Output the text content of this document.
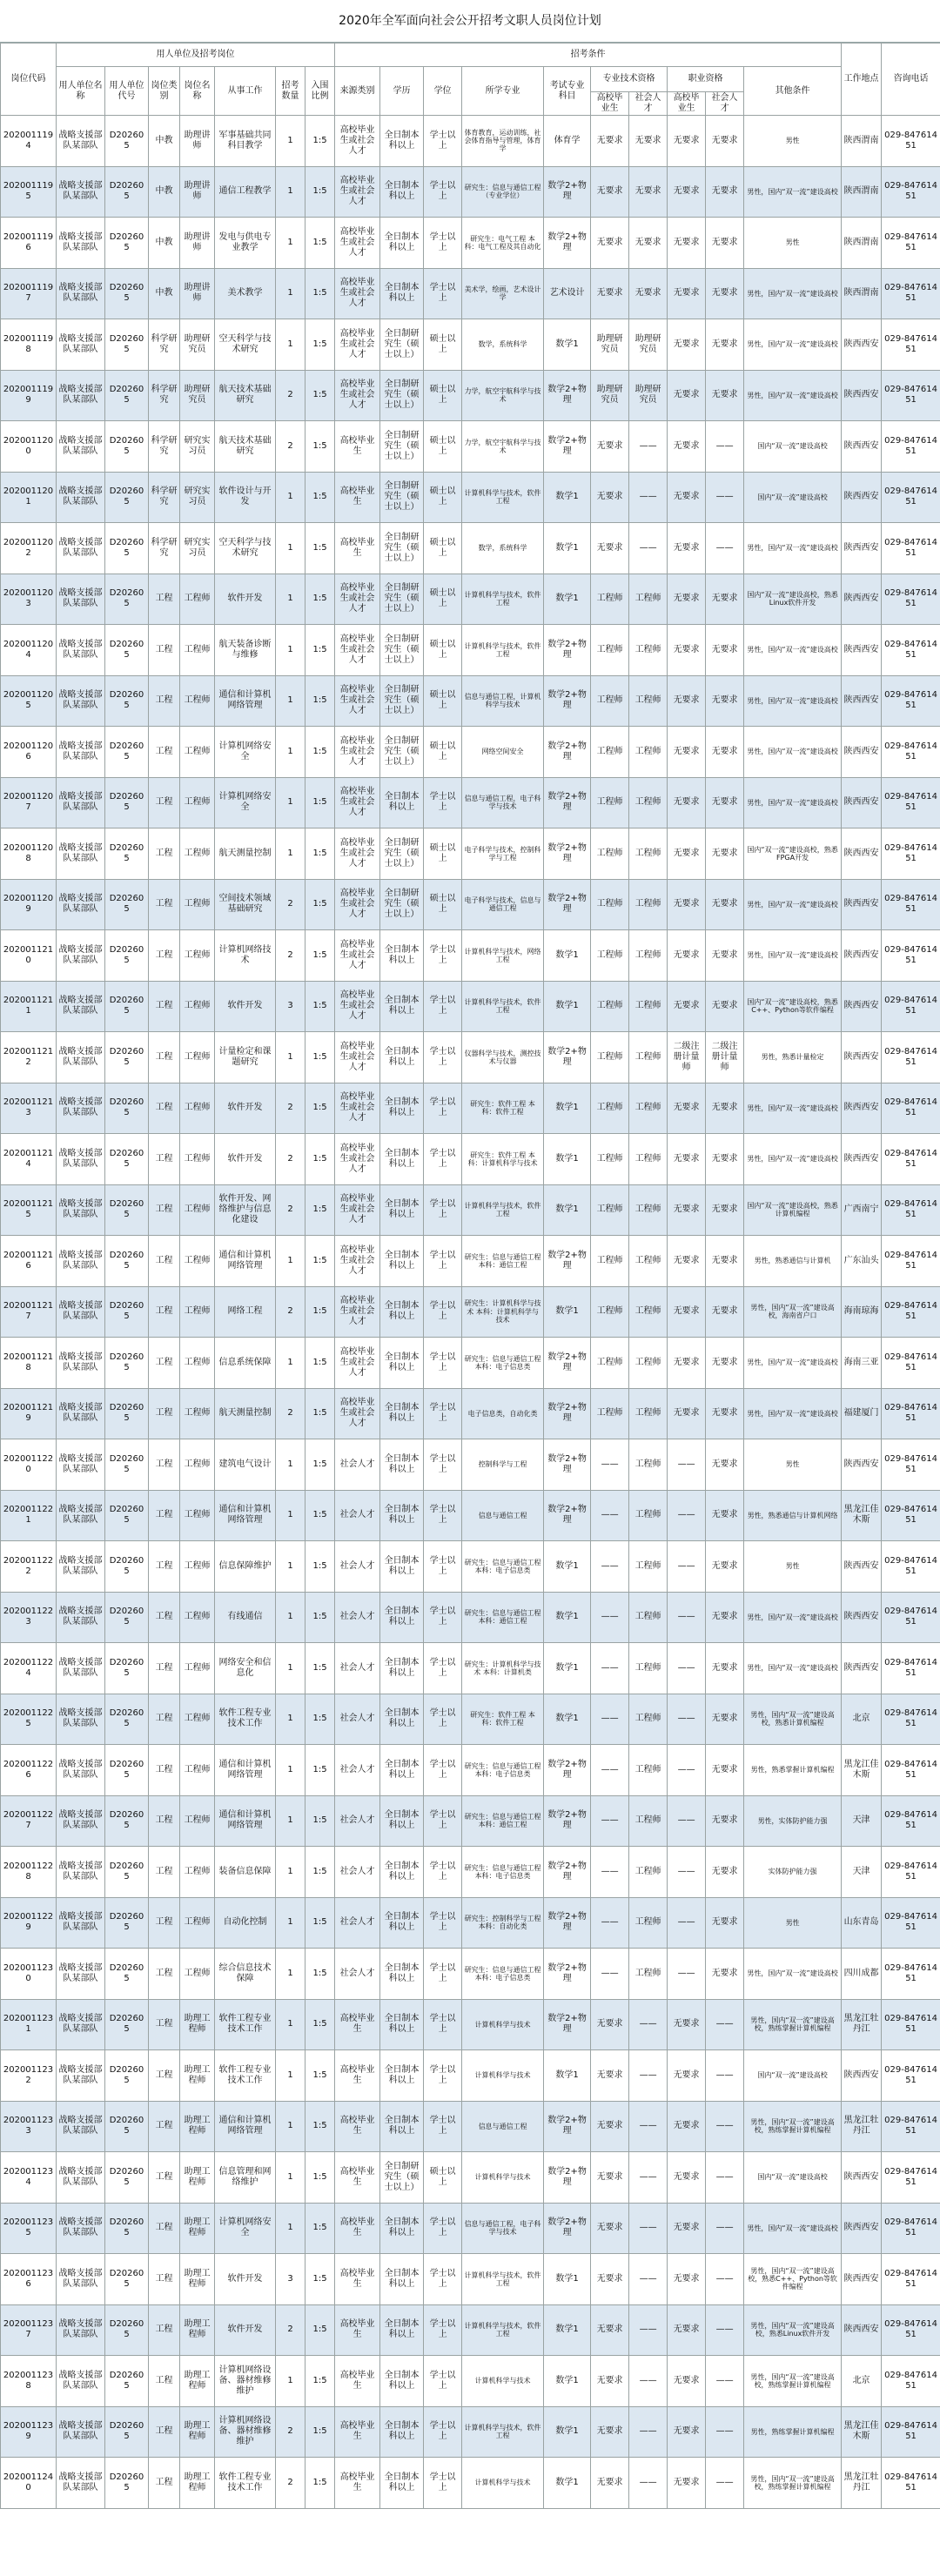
2020年全军面向社会公开招考文职人员岗位计划
岗位代码	用人单位及招考岗位							招考条件										工作地点	咨询电话
	用人单位名称	用人单位代号	岗位类别	岗位名称	从事工作	招考数量	入围比例	来源类别	学历	学位	所学专业	考试专业科目	专业技术资格		职业资格		其他条件		
													高校毕业生	社会人才	高校毕业生	社会人才			
2020011194	战略支援部队某部队	D202605	中教	助理讲师	军事基础共同科目教学	1	1:5	高校毕业生或社会人才	全日制本科以上	学士以上	体育教育，运动训练，社会体育指导与管理，体育学	体育学	无要求	无要求	无要求	无要求	男性	陕西渭南	029-84761451
2020011195	战略支援部队某部队	D202605	中教	助理讲师	通信工程教学	1	1:5	高校毕业生或社会人才	全日制本科以上	学士以上	研究生：信息与通信工程（专业学位）	数学2+物理	无要求	无要求	无要求	无要求	男性，国内“双一流”建设高校	陕西渭南	029-84761451
2020011196	战略支援部队某部队	D202605	中教	助理讲师	发电与供电专业教学	1	1:5	高校毕业生或社会人才	全日制本科以上	学士以上	研究生：电气工程 本科：电气工程及其自动化	数学2+物理	无要求	无要求	无要求	无要求	男性	陕西渭南	029-84761451
2020011197	战略支援部队某部队	D202605	中教	助理讲师	美术教学	1	1:5	高校毕业生或社会人才	全日制本科以上	学士以上	美术学，绘画，艺术设计学	艺术设计	无要求	无要求	无要求	无要求	男性，国内“双一流”建设高校	陕西渭南	029-84761451
2020011198	战略支援部队某部队	D202605	科学研究	助理研究员	空天科学与技术研究	1	1:5	高校毕业生或社会人才	全日制研究生（硕士以上）	硕士以上	数学，系统科学	数学1	助理研究员	助理研究员	无要求	无要求	男性，国内“双一流”建设高校	陕西西安	029-84761451
2020011199	战略支援部队某部队	D202605	科学研究	助理研究员	航天技术基础研究	2	1:5	高校毕业生或社会人才	全日制研究生（硕士以上）	硕士以上	力学，航空宇航科学与技术	数学2+物理	助理研究员	助理研究员	无要求	无要求	男性，国内“双一流”建设高校	陕西西安	029-84761451
2020011200	战略支援部队某部队	D202605	科学研究	研究实习员	航天技术基础研究	2	1:5	高校毕业生	全日制研究生（硕士以上）	硕士以上	力学，航空宇航科学与技术	数学2+物理	无要求	——	无要求	——	国内“双一流”建设高校	陕西西安	029-84761451
2020011201	战略支援部队某部队	D202605	科学研究	研究实习员	软件设计与开发	1	1:5	高校毕业生	全日制研究生（硕士以上）	硕士以上	计算机科学与技术，软件工程	数学1	无要求	——	无要求	——	国内“双一流”建设高校	陕西西安	029-84761451
2020011202	战略支援部队某部队	D202605	科学研究	研究实习员	空天科学与技术研究	1	1:5	高校毕业生	全日制研究生（硕士以上）	硕士以上	数学，系统科学	数学1	无要求	——	无要求	——	男性，国内“双一流”建设高校	陕西西安	029-84761451
2020011203	战略支援部队某部队	D202605	工程	工程师	软件开发	1	1:5	高校毕业生或社会人才	全日制研究生（硕士以上）	硕士以上	计算机科学与技术，软件工程	数学1	工程师	工程师	无要求	无要求	国内“双一流”建设高校，熟悉Linux软件开发	陕西西安	029-84761451
2020011204	战略支援部队某部队	D202605	工程	工程师	航天装备诊断与维修	1	1:5	高校毕业生或社会人才	全日制研究生（硕士以上）	硕士以上	计算机科学与技术，软件工程	数学2+物理	工程师	工程师	无要求	无要求	男性，国内“双一流”建设高校	陕西西安	029-84761451
2020011205	战略支援部队某部队	D202605	工程	工程师	通信和计算机网络管理	1	1:5	高校毕业生或社会人才	全日制研究生（硕士以上）	硕士以上	信息与通信工程，计算机科学与技术	数学2+物理	工程师	工程师	无要求	无要求	男性，国内“双一流”建设高校	陕西西安	029-84761451
2020011206	战略支援部队某部队	D202605	工程	工程师	计算机网络安全	1	1:5	高校毕业生或社会人才	全日制研究生（硕士以上）	硕士以上	网络空间安全	数学2+物理	工程师	工程师	无要求	无要求	男性，国内“双一流”建设高校	陕西西安	029-84761451
2020011207	战略支援部队某部队	D202605	工程	工程师	计算机网络安全	1	1:5	高校毕业生或社会人才	全日制本科以上	学士以上	信息与通信工程，电子科学与技术	数学2+物理	工程师	工程师	无要求	无要求	男性，国内“双一流”建设高校	陕西西安	029-84761451
2020011208	战略支援部队某部队	D202605	工程	工程师	航天测量控制	1	1:5	高校毕业生或社会人才	全日制研究生（硕士以上）	硕士以上	电子科学与技术，控制科学与工程	数学2+物理	工程师	工程师	无要求	无要求	国内“双一流”建设高校，熟悉FPGA开发	陕西西安	029-84761451
2020011209	战略支援部队某部队	D202605	工程	工程师	空间技术领域基础研究	2	1:5	高校毕业生或社会人才	全日制研究生（硕士以上）	硕士以上	电子科学与技术，信息与通信工程	数学2+物理	工程师	工程师	无要求	无要求	男性，国内“双一流”建设高校	陕西西安	029-84761451
2020011210	战略支援部队某部队	D202605	工程	工程师	计算机网络技术	2	1:5	高校毕业生或社会人才	全日制本科以上	学士以上	计算机科学与技术，网络工程	数学1	工程师	工程师	无要求	无要求	男性，国内“双一流”建设高校	陕西西安	029-84761451
2020011211	战略支援部队某部队	D202605	工程	工程师	软件开发	3	1:5	高校毕业生或社会人才	全日制本科以上	学士以上	计算机科学与技术，软件工程	数学1	工程师	工程师	无要求	无要求	国内“双一流”建设高校，熟悉C++、Python等软件编程	陕西西安	029-84761451
2020011212	战略支援部队某部队	D202605	工程	工程师	计量检定和课题研究	1	1:5	高校毕业生或社会人才	全日制本科以上	学士以上	仪器科学与技术，测控技术与仪器	数学2+物理	工程师	工程师	二级注册计量师	二级注册计量师	男性，熟悉计量检定	陕西西安	029-84761451
2020011213	战略支援部队某部队	D202605	工程	工程师	软件开发	2	1:5	高校毕业生或社会人才	全日制本科以上	学士以上	研究生：软件工程 本科：软件工程	数学1	工程师	工程师	无要求	无要求	男性，国内“双一流”建设高校	陕西西安	029-84761451
2020011214	战略支援部队某部队	D202605	工程	工程师	软件开发	2	1:5	高校毕业生或社会人才	全日制本科以上	学士以上	研究生：软件工程 本科：计算机科学与技术	数学1	工程师	工程师	无要求	无要求	男性，国内“双一流”建设高校	陕西西安	029-84761451
2020011215	战略支援部队某部队	D202605	工程	工程师	软件开发、网络维护与信息化建设	2	1:5	高校毕业生或社会人才	全日制本科以上	学士以上	计算机科学与技术，软件工程	数学1	工程师	工程师	无要求	无要求	国内“双一流”建设高校，熟悉计算机编程	广西南宁	029-84761451
2020011216	战略支援部队某部队	D202605	工程	工程师	通信和计算机网络管理	1	1:5	高校毕业生或社会人才	全日制本科以上	学士以上	研究生：信息与通信工程 本科：通信工程	数学2+物理	工程师	工程师	无要求	无要求	男性，熟悉通信与计算机	广东汕头	029-84761451
2020011217	战略支援部队某部队	D202605	工程	工程师	网络工程	2	1:5	高校毕业生或社会人才	全日制本科以上	学士以上	研究生：计算机科学与技术 本科：计算机科学与技术	数学1	工程师	工程师	无要求	无要求	男性，国内“双一流”建设高校，海南省户口	海南琼海	029-84761451
2020011218	战略支援部队某部队	D202605	工程	工程师	信息系统保障	1	1:5	高校毕业生或社会人才	全日制本科以上	学士以上	研究生：信息与通信工程 本科：电子信息类	数学2+物理	工程师	工程师	无要求	无要求	男性，国内“双一流”建设高校	海南三亚	029-84761451
2020011219	战略支援部队某部队	D202605	工程	工程师	航天测量控制	2	1:5	高校毕业生或社会人才	全日制本科以上	学士以上	电子信息类，自动化类	数学2+物理	工程师	工程师	无要求	无要求	男性，国内“双一流”建设高校	福建厦门	029-84761451
2020011220	战略支援部队某部队	D202605	工程	工程师	建筑电气设计	1	1:5	社会人才	全日制本科以上	学士以上	控制科学与工程	数学2+物理	——	工程师	——	无要求	男性	陕西西安	029-84761451
2020011221	战略支援部队某部队	D202605	工程	工程师	通信和计算机网络管理	1	1:5	社会人才	全日制本科以上	学士以上	信息与通信工程	数学2+物理	——	工程师	——	无要求	男性，熟悉通信与计算机网络	黑龙江佳木斯	029-84761451
2020011222	战略支援部队某部队	D202605	工程	工程师	信息保障维护	1	1:5	社会人才	全日制本科以上	学士以上	研究生：信息与通信工程 本科：电子信息类	数学1	——	工程师	——	无要求	男性	陕西西安	029-84761451
2020011223	战略支援部队某部队	D202605	工程	工程师	有线通信	1	1:5	社会人才	全日制本科以上	学士以上	研究生：信息与通信工程 本科：通信工程	数学1	——	工程师	——	无要求	男性，国内“双一流”建设高校	陕西西安	029-84761451
2020011224	战略支援部队某部队	D202605	工程	工程师	网络安全和信息化	1	1:5	社会人才	全日制本科以上	学士以上	研究生：计算机科学与技术 本科：计算机类	数学1	——	工程师	——	无要求	男性，国内“双一流”建设高校	陕西西安	029-84761451
2020011225	战略支援部队某部队	D202605	工程	工程师	软件工程专业技术工作	1	1:5	社会人才	全日制本科以上	学士以上	研究生：软件工程 本科：软件工程	数学1	——	工程师	——	无要求	男性，国内“双一流”建设高校，熟悉计算机编程	北京	029-84761451
2020011226	战略支援部队某部队	D202605	工程	工程师	通信和计算机网络管理	1	1:5	社会人才	全日制本科以上	学士以上	研究生：信息与通信工程 本科：电子信息类	数学2+物理	——	工程师	——	无要求	男性，熟悉掌握计算机编程	黑龙江佳木斯	029-84761451
2020011227	战略支援部队某部队	D202605	工程	工程师	通信和计算机网络管理	1	1:5	社会人才	全日制本科以上	学士以上	研究生：信息与通信工程 本科：通信工程	数学2+物理	——	工程师	——	无要求	男性，实体防护能力强	天津	029-84761451
2020011228	战略支援部队某部队	D202605	工程	工程师	装备信息保障	1	1:5	社会人才	全日制本科以上	学士以上	研究生：信息与通信工程 本科：电子信息类	数学2+物理	——	工程师	——	无要求	实体防护能力强	天津	029-84761451
2020011229	战略支援部队某部队	D202605	工程	工程师	自动化控制	1	1:5	社会人才	全日制本科以上	学士以上	研究生：控制科学与工程 本科：自动化类	数学2+物理	——	工程师	——	无要求	男性	山东青岛	029-84761451
2020011230	战略支援部队某部队	D202605	工程	工程师	综合信息技术保障	1	1:5	社会人才	全日制本科以上	学士以上	研究生：信息与通信工程 本科：电子信息类	数学2+物理	——	工程师	——	无要求	男性，国内“双一流”建设高校	四川成都	029-84761451
2020011231	战略支援部队某部队	D202605	工程	助理工程师	软件工程专业技术工作	1	1:5	高校毕业生	全日制本科以上	学士以上	计算机科学与技术	数学2+物理	无要求	——	无要求	——	男性，国内“双一流”建设高校，熟练掌握计算机编程	黑龙江牡丹江	029-84761451
2020011232	战略支援部队某部队	D202605	工程	助理工程师	软件工程专业技术工作	1	1:5	高校毕业生	全日制本科以上	学士以上	计算机科学与技术	数学1	无要求	——	无要求	——	国内“双一流”建设高校	陕西西安	029-84761451
2020011233	战略支援部队某部队	D202605	工程	助理工程师	通信和计算机网络管理	1	1:5	高校毕业生	全日制本科以上	学士以上	信息与通信工程	数学2+物理	无要求	——	无要求	——	男性，国内“双一流”建设高校，熟练掌握计算机编程	黑龙江牡丹江	029-84761451
2020011234	战略支援部队某部队	D202605	工程	助理工程师	信息管理和网络维护	1	1:5	高校毕业生	全日制研究生（硕士以上）	硕士以上	计算机科学与技术	数学2+物理	无要求	——	无要求	——	国内“双一流”建设高校	陕西西安	029-84761451
2020011235	战略支援部队某部队	D202605	工程	助理工程师	计算机网络安全	1	1:5	高校毕业生	全日制本科以上	学士以上	信息与通信工程，电子科学与技术	数学2+物理	无要求	——	无要求	——	男性，国内“双一流”建设高校	陕西西安	029-84761451
2020011236	战略支援部队某部队	D202605	工程	助理工程师	软件开发	3	1:5	高校毕业生	全日制本科以上	学士以上	计算机科学与技术，软件工程	数学1	无要求	——	无要求	——	男性，国内“双一流”建设高校，熟悉C++、Python等软件编程	陕西西安	029-84761451
2020011237	战略支援部队某部队	D202605	工程	助理工程师	软件开发	2	1:5	高校毕业生	全日制本科以上	学士以上	计算机科学与技术，软件工程	数学1	无要求	——	无要求	——	男性，国内“双一流”建设高校，熟悉Linux软件开发	陕西西安	029-84761451
2020011238	战略支援部队某部队	D202605	工程	助理工程师	计算机网络设备、器材维修维护	1	1:5	高校毕业生	全日制本科以上	学士以上	计算机科学与技术	数学1	无要求	——	无要求	——	男性，国内“双一流”建设高校，熟练掌握计算机编程	北京	029-84761451
2020011239	战略支援部队某部队	D202605	工程	助理工程师	计算机网络设备、器材维修维护	2	1:5	高校毕业生	全日制本科以上	学士以上	计算机科学与技术，软件工程	数学1	无要求	——	无要求	——	男性，熟练掌握计算机编程	黑龙江佳木斯	029-84761451
2020011240	战略支援部队某部队	D202605	工程	助理工程师	软件工程专业技术工作	2	1:5	高校毕业生	全日制本科以上	学士以上	计算机科学与技术	数学1	无要求	——	无要求	——	男性，国内“双一流”建设高校，熟练掌握计算机编程	黑龙江牡丹江	029-84761451
